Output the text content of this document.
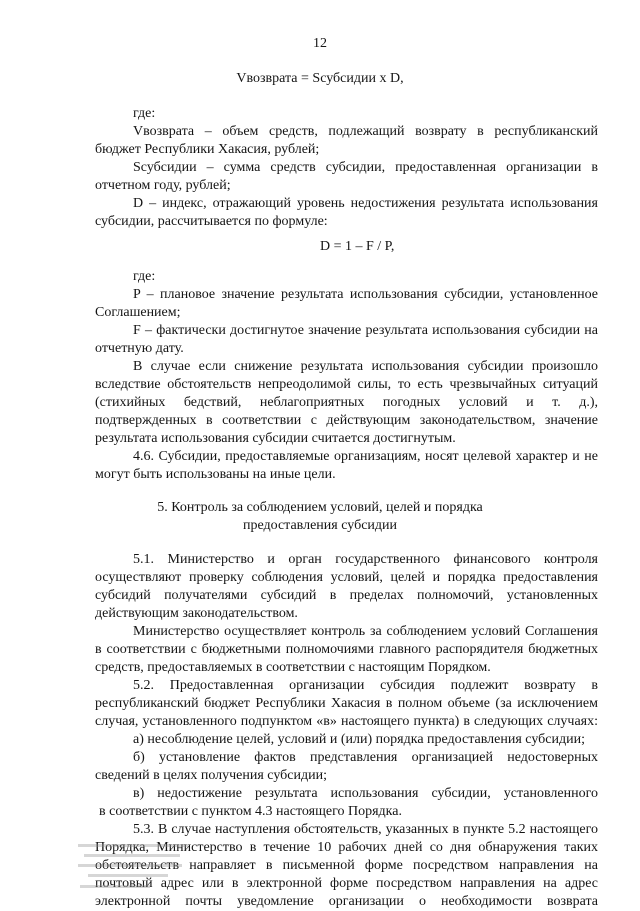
12
Vвозврата = Sсубсидии x D,
где:
Vвозврата – объем средств, подлежащий возврату в республиканский
бюджет Республики Хакасия, рублей;
Sсубсидии – сумма средств субсидии, предоставленная организации в
отчетном году, рублей;
D – индекс, отражающий уровень недостижения результата использования
субсидии, рассчитывается по формуле:
D = 1 – F / P,
где:
P – плановое значение результата использования субсидии, установленное
Соглашением;
F – фактически достигнутое значение результата использования субсидии на
отчетную дату.
В случае если снижение результата использования субсидии произошло
вследствие обстоятельств непреодолимой силы, то есть чрезвычайных ситуаций
(стихийных бедствий, неблагоприятных погодных условий и т. д.),
подтвержденных в соответствии с действующим законодательством, значение
результата использования субсидии считается достигнутым.
4.6. Субсидии, предоставляемые организациям, носят целевой характер и не
могут быть использованы на иные цели.
5. Контроль за соблюдением условий, целей и порядка
предоставления субсидии
5.1. Министерство и орган государственного финансового контроля
осуществляют проверку соблюдения условий, целей и порядка предоставления
субсидий получателями субсидий в пределах полномочий, установленных
действующим законодательством.
Министерство осуществляет контроль за соблюдением условий Соглашения
в соответствии с бюджетными полномочиями главного распорядителя бюджетных
средств, предоставляемых в соответствии с настоящим Порядком.
5.2. Предоставленная организации субсидия подлежит возврату в
республиканский бюджет Республики Хакасия в полном объеме (за исключением
случая, установленного подпунктом «в» настоящего пункта) в следующих случаях:
а) несоблюдение целей, условий и (или) порядка предоставления субсидии;
б) установление фактов представления организацией недостоверных
сведений в целях получения субсидии;
в) недостижение результата использования субсидии, установленного
в соответствии с пунктом 4.3 настоящего Порядка.
5.3. В случае наступления обстоятельств, указанных в пункте 5.2 настоящего
Порядка, Министерство в течение 10 рабочих дней со дня обнаружения таких
обстоятельств направляет в письменной форме посредством направления на
почтовый адрес или в электронной форме посредством направления на адрес
электронной почты уведомление организации о необходимости возврата
